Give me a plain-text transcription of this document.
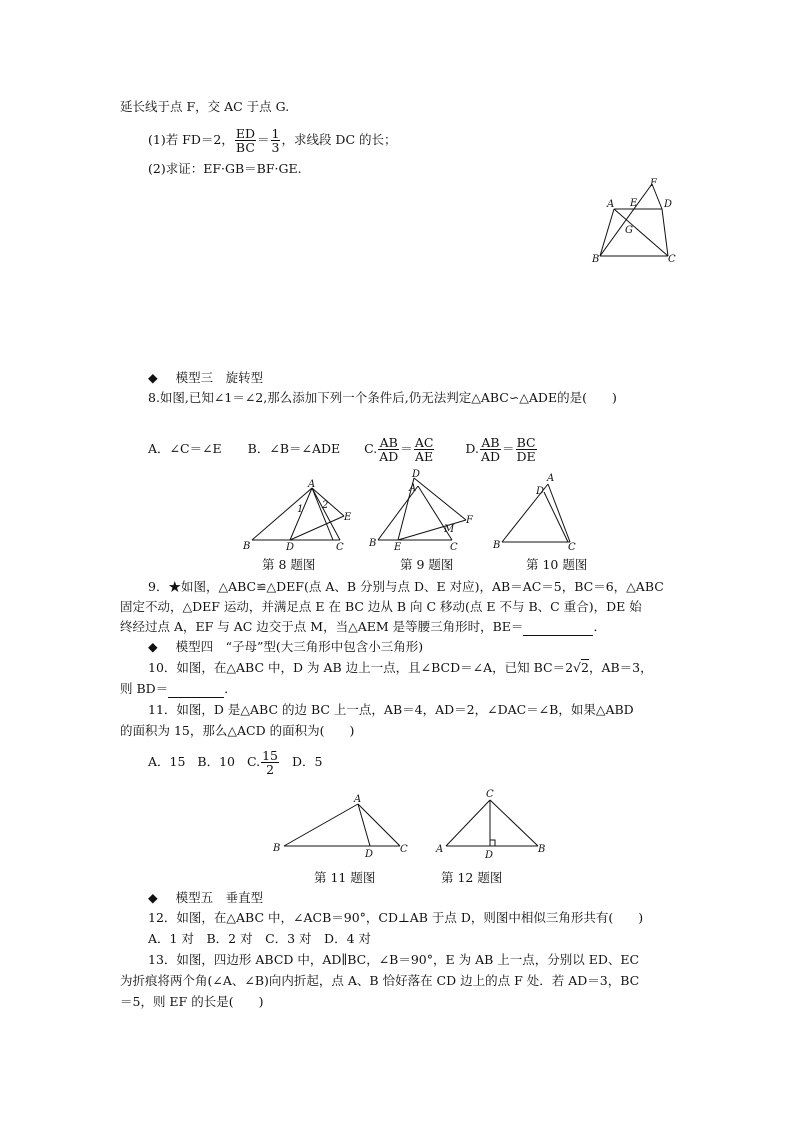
延长线于点 F，交 AC 于点 G.
(1)若 FD＝2， $\frac{ED}{BC} = \frac{1}{3}$ ，求线段 DC 的长；
(2)求证：EF·GB＝BF·GE.
A E
F
D
G
B	C
◆ 模型三　旋转型
8.如图,已知∠1＝∠2,那么添加下列一个条件后,仍无法判定△ABC∽△ADE的是(　　)
A．∠C＝∠E B．∠B＝∠ADE C. $\frac{AB}{AD} = \frac{AC}{AE} D$. $\frac{AB}{AD} = \frac{BC}{DE}$
A
B	C
D
E
1 2
第 8 题图
D
A
B	C
E
F
M
第 9 题图
A
D
B	C
第 10 题图
9．★如图，△ABC≌△DEF(点 A、B 分别与点 D、E 对应)，AB＝AC＝5，BC＝6，△ABC
固定不动，△DEF 运动，并满足点 E 在 BC 边从 B 向 C 移动(点 E 不与 B、C 重合)，DE 始
终经过点 A，EF 与 AC 边交于点 M，当△AEM 是等腰三角形时，BE＝	．
◆ 模型四　“子母”型(大三角形中包含小三角形)
10．如图，在△ABC 中，D 为 AB 边上一点，且∠BCD＝∠A，已知 BC＝2√2，AB＝3，
则 BD＝	．
11．如图，D 是△ABC 的边 BC 上一点，AB＝4，AD＝2，∠DAC＝∠B，如果△ABD
的面积为 15，那么△ACD 的面积为(　　)
A．15 B．10 C. $\frac{15}{2}$ D．5
A
B	C
D
第 11 题图
C
A	B
D
第 12 题图
◆ 模型五　垂直型
12．如图，在△ABC 中，∠ACB＝90°，CD⊥AB 于点 D，则图中相似三角形共有(　　)
A．1 对　B．2 对　C．3 对　D．4 对
13．如图，四边形 ABCD 中，AD∥BC，∠B＝90°，E 为 AB 上一点，分别以 ED、EC
为折痕将两个角(∠A、∠B)向内折起，点 A、B 恰好落在 CD 边上的点 F 处．若 AD＝3，BC
＝5，则 EF 的长是(　　)
